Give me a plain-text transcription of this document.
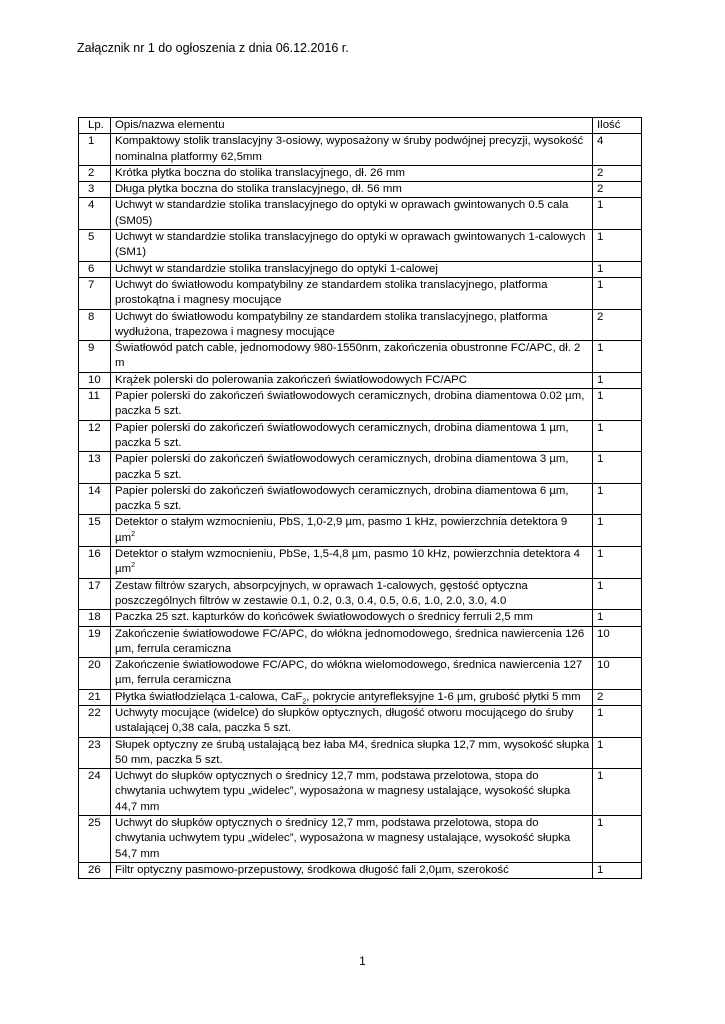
Załącznik nr 1 do ogłoszenia z dnia 06.12.2016 r.
Lp.	Opis/nazwa elementu	Ilość
1	Kompaktowy stolik translacyjny 3-osiowy, wyposażony w śruby podwójnej precyzji, wysokość nominalna platformy 62,5mm	4
2	Krótka płytka boczna do stolika translacyjnego, dł. 26 mm	2
3	Długa płytka boczna do stolika translacyjnego, dł. 56 mm	2
4	Uchwyt w standardzie stolika translacyjnego do optyki w oprawach gwintowanych 0.5 cala (SM05)	1
5	Uchwyt w standardzie stolika translacyjnego do optyki w oprawach gwintowanych 1-calowych (SM1)	1
6	Uchwyt w standardzie stolika translacyjnego do optyki 1-calowej	1
7	Uchwyt do światłowodu kompatybilny ze standardem stolika translacyjnego, platforma prostokątna i magnesy mocujące	1
8	Uchwyt do światłowodu kompatybilny ze standardem stolika translacyjnego, platforma wydłużona, trapezowa i magnesy mocujące	2
9	Światłowód patch cable, jednomodowy 980-1550nm, zakończenia obustronne FC/APC, dł. 2 m	1
10	Krążek polerski do polerowania zakończeń światłowodowych FC/APC	1
11	Papier polerski do zakończeń światłowodowych ceramicznych, drobina diamentowa 0.02 µm, paczka 5 szt.	1
12	Papier polerski do zakończeń światłowodowych ceramicznych, drobina diamentowa 1 µm, paczka 5 szt.	1
13	Papier polerski do zakończeń światłowodowych ceramicznych, drobina diamentowa 3 µm, paczka 5 szt.	1
14	Papier polerski do zakończeń światłowodowych ceramicznych, drobina diamentowa 6 µm, paczka 5 szt.	1
15	Detektor o stałym wzmocnieniu, PbS, 1,0-2,9 µm, pasmo 1 kHz, powierzchnia detektora 9 µm$^2$	1
16	Detektor o stałym wzmocnieniu, PbSe, 1,5-4,8 µm, pasmo 10 kHz, powierzchnia detektora 4 µm$^2$	1
17	Zestaw filtrów szarych, absorpcyjnych, w oprawach 1-calowych, gęstość optyczna poszczególnych filtrów w zestawie 0.1, 0.2, 0.3, 0.4, 0.5, 0.6, 1.0, 2.0, 3.0, 4.0	1
18	Paczka 25 szt. kapturków do końcówek światłowodowych o średnicy ferruli 2,5 mm	1
19	Zakończenie światłowodowe FC/APC, do włókna jednomodowego, średnica nawiercenia 126 µm, ferrula ceramiczna	10
20	Zakończenie światłowodowe FC/APC, do włókna wielomodowego, średnica nawiercenia 127 µm, ferrula ceramiczna	10
21	Płytka światłodzieląca 1-calowa, CaF$_2$, pokrycie antyrefleksyjne 1-6 µm, grubość płytki 5 mm	2
22	Uchwyty mocujące (widelce) do słupków optycznych, długość otworu mocującego do śruby ustalającej 0,38 cala, paczka 5 szt.	1
23	Słupek optyczny ze śrubą ustalającą bez łaba M4, średnica słupka 12,7 mm, wysokość słupka 50 mm, paczka 5 szt.	1
24	Uchwyt do słupków optycznych o średnicy 12,7 mm, podstawa przelotowa, stopa do chwytania uchwytem typu „widelec”, wyposażona w magnesy ustalające, wysokość słupka 44,7 mm	1
25	Uchwyt do słupków optycznych o średnicy 12,7 mm, podstawa przelotowa, stopa do chwytania uchwytem typu „widelec”, wyposażona w magnesy ustalające, wysokość słupka 54,7 mm	1
26	Filtr optyczny pasmowo-przepustowy, środkowa długość fali 2,0µm, szerokość	1
1
